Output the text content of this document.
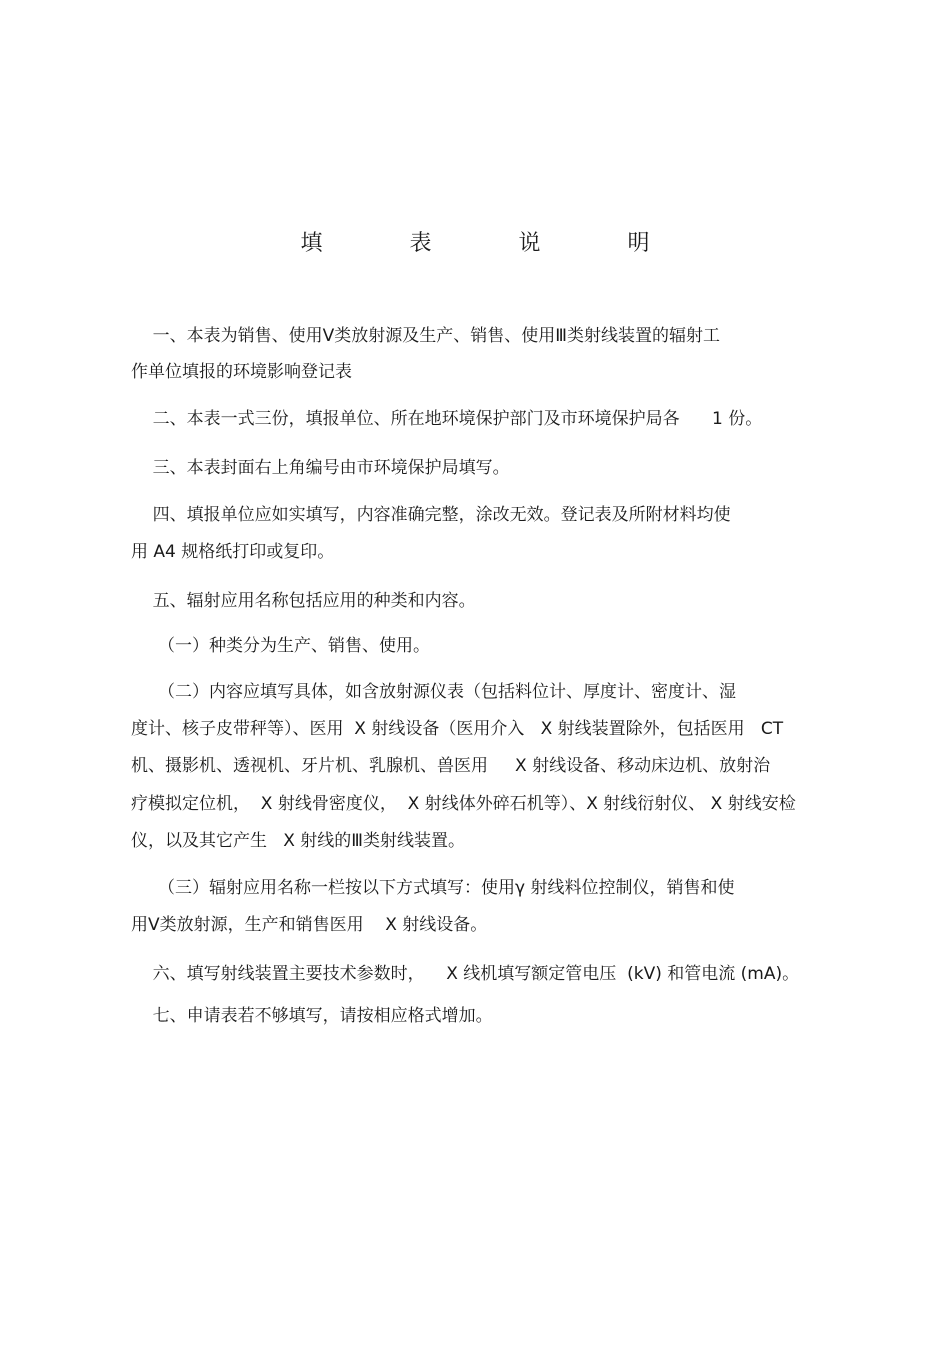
填 表 说 明

一、本表为销售、使用Ⅴ类放射源及生产、销售、使用Ⅲ类射线装置的辐射工

作单位填报的环境影响登记表

二、本表一式三份，填报单位、所在地环境保护部门及市环境保护局各      1 份。

三、本表封面右上角编号由市环境保护局填写。

四、填报单位应如实填写，内容准确完整，涂改无效。登记表及所附材料均使

用 A4 规格纸打印或复印。

五、辐射应用名称包括应用的种类和内容。

（一）种类分为生产、销售、使用。

（二）内容应填写具体，如含放射源仪表（包括料位计、厚度计、密度计、湿

度计、核子皮带秤等）、医用  X 射线设备（医用介入   X 射线装置除外，包括医用   CT

机、摄影机、透视机、牙片机、乳腺机、兽医用     X 射线设备、移动床边机、放射治

疗模拟定位机，  X 射线骨密度仪，  X 射线体外碎石机等）、X 射线衍射仪、 X 射线安检

仪，以及其它产生   X 射线的Ⅲ类射线装置。

（三）辐射应用名称一栏按以下方式填写：使用γ 射线料位控制仪，销售和使

用Ⅴ类放射源，生产和销售医用    X 射线设备。

六、填写射线装置主要技术参数时，    X 线机填写额定管电压  (kV) 和管电流 (mA)。

七、申请表若不够填写，请按相应格式增加。
